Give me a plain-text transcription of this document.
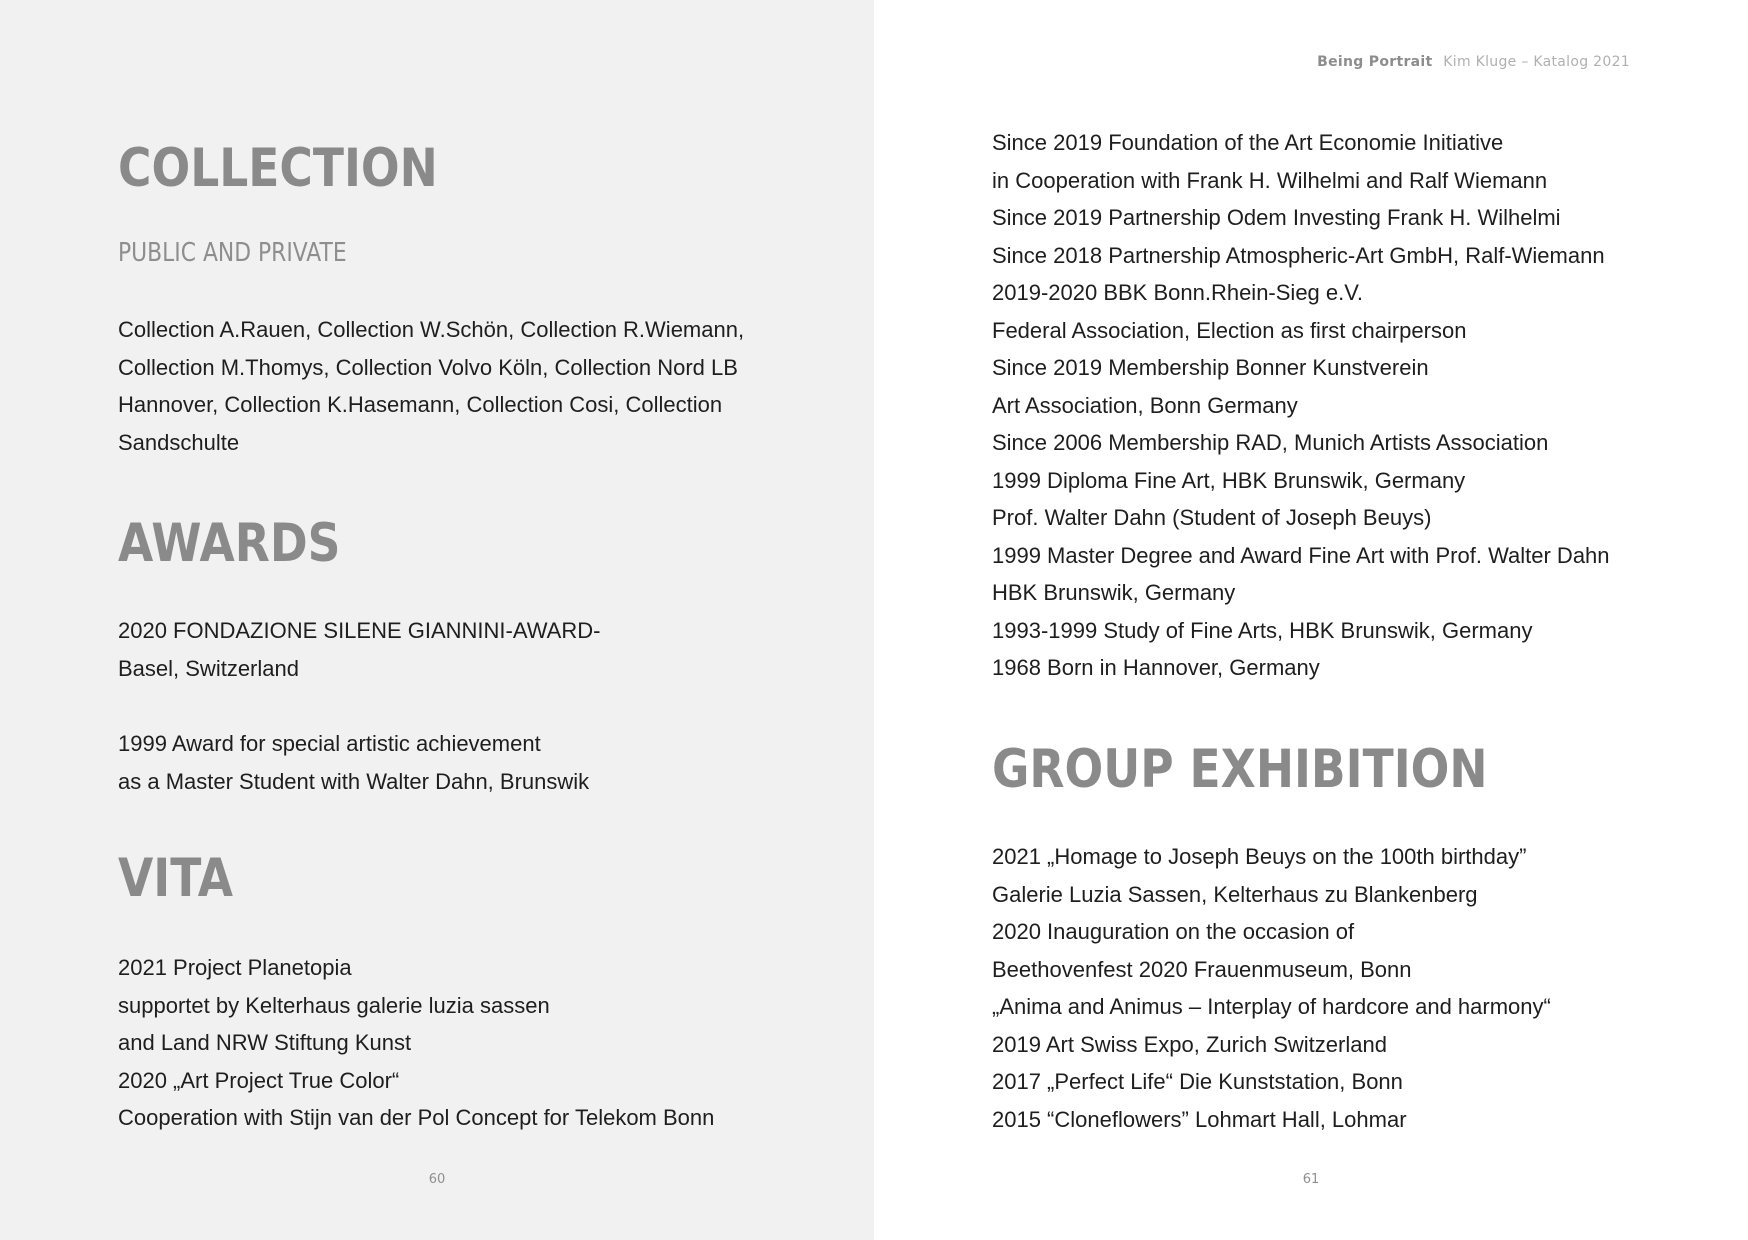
COLLECTION
PUBLIC AND PRIVATE
Collection A.Rauen, Collection W.Schön, Collection R.Wiemann,
Collection M.Thomys, Collection Volvo Köln, Collection Nord LB
Hannover, Collection K.Hasemann, Collection Cosi, Collection
Sandschulte
AWARDS
2020 FONDAZIONE SILENE GIANNINI-AWARD-
Basel, Switzerland
1999 Award for special artistic achievement
as a Master Student with Walter Dahn, Brunswik
VITA
2021 Project Planetopia
supportet by Kelterhaus galerie luzia sassen
and Land NRW Stiftung Kunst
2020 „Art Project True Color“
Cooperation with Stijn van der Pol Concept for Telekom Bonn
60
Being Portrait Kim Kluge – Katalog 2021
Since 2019 Foundation of the Art Economie Initiative
in Cooperation with Frank H. Wilhelmi and Ralf Wiemann
Since 2019 Partnership Odem Investing Frank H. Wilhelmi
Since 2018 Partnership Atmospheric-Art GmbH, Ralf-Wiemann
2019-2020 BBK Bonn.Rhein-Sieg e.V.
Federal Association, Election as first chairperson
Since 2019 Membership Bonner Kunstverein
Art Association, Bonn Germany
Since 2006 Membership RAD, Munich Artists Association
1999 Diploma Fine Art, HBK Brunswik, Germany
Prof. Walter Dahn (Student of Joseph Beuys)
1999 Master Degree and Award Fine Art with Prof. Walter Dahn
HBK Brunswik, Germany
1993-1999 Study of Fine Arts, HBK Brunswik, Germany
1968 Born in Hannover, Germany
GROUP EXHIBITION
2021 „Homage to Joseph Beuys on the 100th birthday”
Galerie Luzia Sassen, Kelterhaus zu Blankenberg
2020 Inauguration on the occasion of
Beethovenfest 2020 Frauenmuseum, Bonn
„Anima and Animus – Interplay of hardcore and harmony“
2019 Art Swiss Expo, Zurich Switzerland
2017 „Perfect Life“ Die Kunststation, Bonn
2015 “Cloneflowers” Lohmart Hall, Lohmar
61
